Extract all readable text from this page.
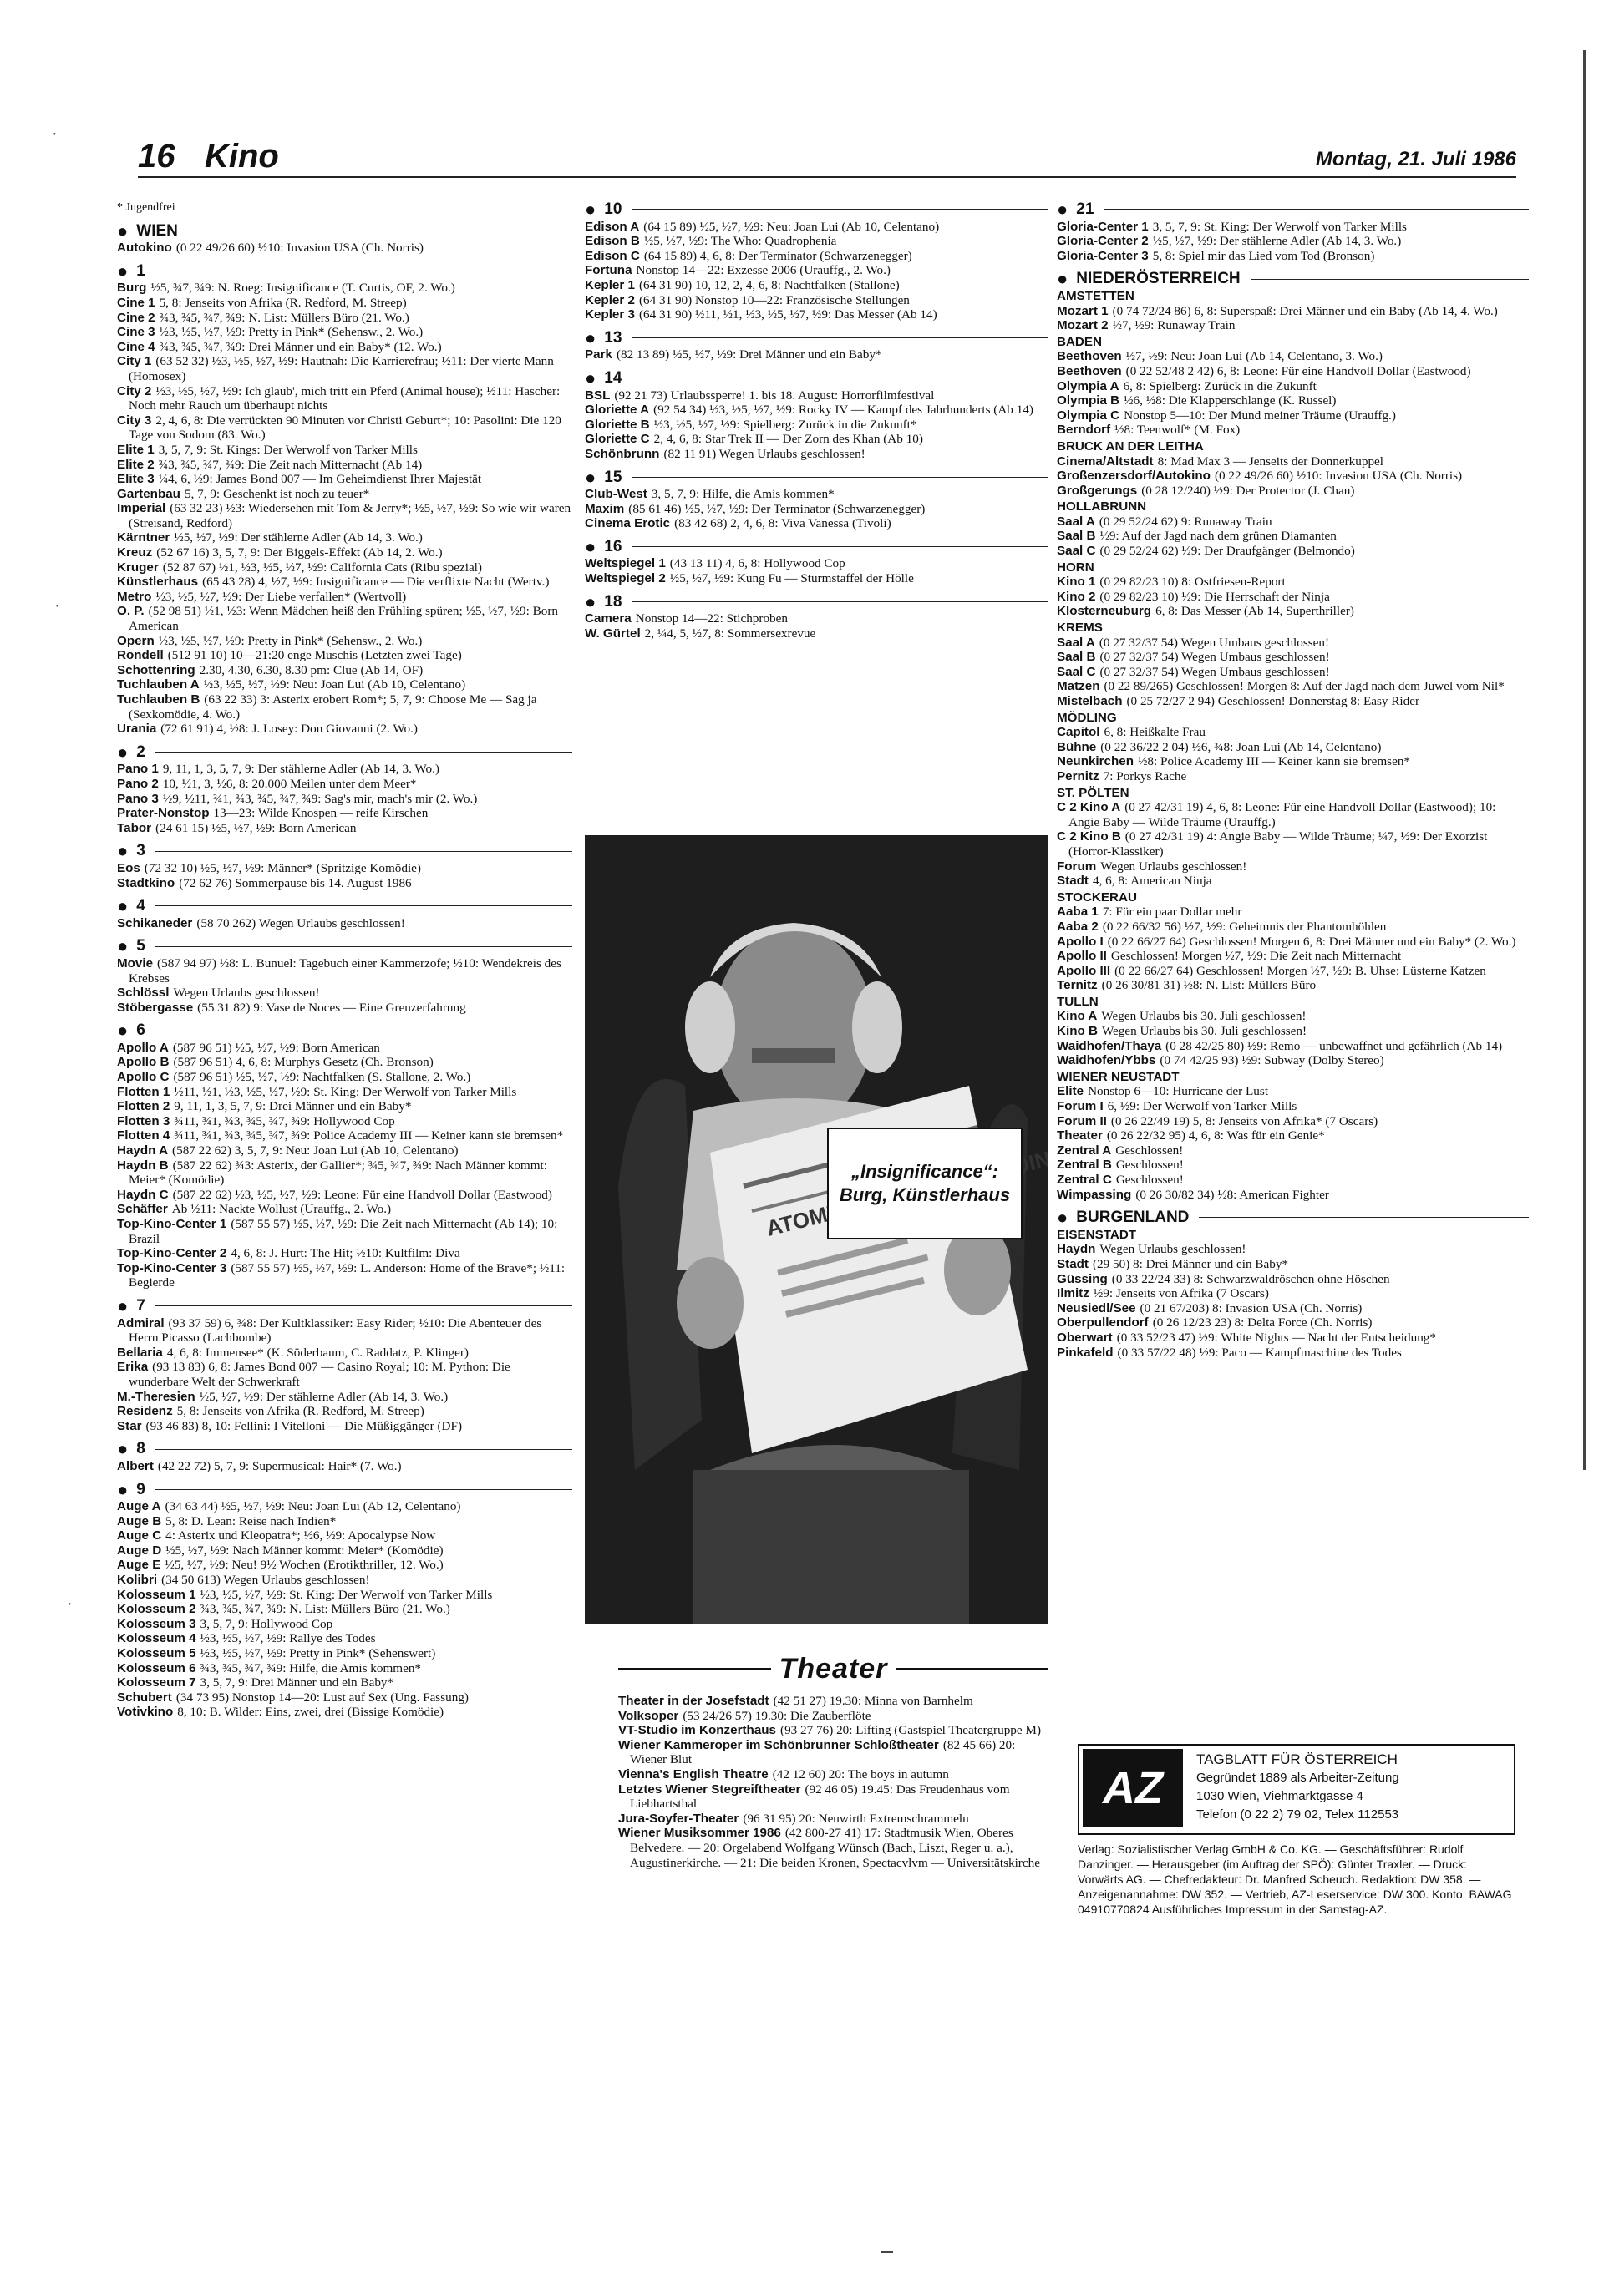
16 Kino	Montag, 21. Juli 1986
* Jugendfrei
● WIEN

Autokino (0 22 49/26 60) ½10: Invasion USA (Ch. Norris)

● 1

Burg ½5, ¾7, ¾9: N. Roeg: Insignificance (T. Curtis, OF, 2. Wo.)

Cine 1 5, 8: Jenseits von Afrika (R. Redford, M. Streep)

Cine 2 ¾3, ¾5, ¾7, ¾9: N. List: Müllers Büro (21. Wo.)

Cine 3 ½3, ½5, ½7, ½9: Pretty in Pink* (Sehensw., 2. Wo.)

Cine 4 ¾3, ¾5, ¾7, ¾9: Drei Männer und ein Baby* (12. Wo.)

City 1 (63 52 32) ½3, ½5, ½7, ½9: Hautnah: Die Karrierefrau; ½11: Der vierte Mann (Homosex)

City 2 ½3, ½5, ½7, ½9: Ich glaub', mich tritt ein Pferd (Animal house); ½11: Hascher: Noch mehr Rauch um überhaupt nichts

City 3 2, 4, 6, 8: Die verrückten 90 Minuten vor Christi Geburt*; 10: Pasolini: Die 120 Tage von Sodom (83. Wo.)

Elite 1 3, 5, 7, 9: St. Kings: Der Werwolf von Tarker Mills

Elite 2 ¾3, ¾5, ¾7, ¾9: Die Zeit nach Mitternacht (Ab 14)

Elite 3 ¼4, 6, ½9: James Bond 007 — Im Geheimdienst Ihrer Majestät

Gartenbau 5, 7, 9: Geschenkt ist noch zu teuer*

Imperial (63 32 23) ½3: Wiedersehen mit Tom & Jerry*; ½5, ½7, ½9: So wie wir waren (Streisand, Redford)

Kärntner ½5, ½7, ½9: Der stählerne Adler (Ab 14, 3. Wo.)

Kreuz (52 67 16) 3, 5, 7, 9: Der Biggels-Effekt (Ab 14, 2. Wo.)

Kruger (52 87 67) ½1, ½3, ½5, ½7, ½9: California Cats (Ribu spezial)

Künstlerhaus (65 43 28) 4, ½7, ½9: Insignificance — Die verflixte Nacht (Wertv.)

Metro ½3, ½5, ½7, ½9: Der Liebe verfallen* (Wertvoll)

O. P. (52 98 51) ½1, ½3: Wenn Mädchen heiß den Frühling spüren; ½5, ½7, ½9: Born American

Opern ½3, ½5, ½7, ½9: Pretty in Pink* (Sehensw., 2. Wo.)

Rondell (512 91 10) 10—21:20 enge Muschis (Letzten zwei Tage)

Schottenring 2.30, 4.30, 6.30, 8.30 pm: Clue (Ab 14, OF)

Tuchlauben A ½3, ½5, ½7, ½9: Neu: Joan Lui (Ab 10, Celentano)

Tuchlauben B (63 22 33) 3: Asterix erobert Rom*; 5, 7, 9: Choose Me — Sag ja (Sexkomödie, 4. Wo.)

Urania (72 61 91) 4, ½8: J. Losey: Don Giovanni (2. Wo.)

● 2

Pano 1 9, 11, 1, 3, 5, 7, 9: Der stählerne Adler (Ab 14, 3. Wo.)

Pano 2 10, ½1, 3, ½6, 8: 20.000 Meilen unter dem Meer*

Pano 3 ½9, ½11, ¾1, ¾3, ¾5, ¾7, ¾9: Sag's mir, mach's mir (2. Wo.)

Prater-Nonstop 13—23: Wilde Knospen — reife Kirschen

Tabor (24 61 15) ½5, ½7, ½9: Born American

● 3

Eos (72 32 10) ½5, ½7, ½9: Männer* (Spritzige Komödie)

Stadtkino (72 62 76) Sommerpause bis 14. August 1986

● 4

Schikaneder (58 70 262) Wegen Urlaubs geschlossen!

● 5

Movie (587 94 97) ½8: L. Bunuel: Tagebuch einer Kammerzofe; ½10: Wendekreis des Krebses

Schlössl Wegen Urlaubs geschlossen!

Stöbergasse (55 31 82) 9: Vase de Noces — Eine Grenzerfahrung

● 6

Apollo A (587 96 51) ½5, ½7, ½9: Born American

Apollo B (587 96 51) 4, 6, 8: Murphys Gesetz (Ch. Bronson)

Apollo C (587 96 51) ½5, ½7, ½9: Nachtfalken (S. Stallone, 2. Wo.)

Flotten 1 ½11, ½1, ½3, ½5, ½7, ½9: St. King: Der Werwolf von Tarker Mills

Flotten 2 9, 11, 1, 3, 5, 7, 9: Drei Männer und ein Baby*

Flotten 3 ¾11, ¾1, ¾3, ¾5, ¾7, ¾9: Hollywood Cop

Flotten 4 ¾11, ¾1, ¾3, ¾5, ¾7, ¾9: Police Academy III — Keiner kann sie bremsen*

Haydn A (587 22 62) 3, 5, 7, 9: Neu: Joan Lui (Ab 10, Celentano)

Haydn B (587 22 62) ¾3: Asterix, der Gallier*; ¾5, ¾7, ¾9: Nach Männer kommt: Meier* (Komödie)

Haydn C (587 22 62) ½3, ½5, ½7, ½9: Leone: Für eine Handvoll Dollar (Eastwood)

Schäffer Ab ½11: Nackte Wollust (Urauffg., 2. Wo.)

Top-Kino-Center 1 (587 55 57) ½5, ½7, ½9: Die Zeit nach Mitternacht (Ab 14); 10: Brazil

Top-Kino-Center 2 4, 6, 8: J. Hurt: The Hit; ½10: Kultfilm: Diva

Top-Kino-Center 3 (587 55 57) ½5, ½7, ½9: L. Anderson: Home of the Brave*; ½11: Begierde

● 7

Admiral (93 37 59) 6, ¾8: Der Kultklassiker: Easy Rider; ½10: Die Abenteuer des Herrn Picasso (Lachbombe)

Bellaria 4, 6, 8: Immensee* (K. Söderbaum, C. Raddatz, P. Klinger)

Erika (93 13 83) 6, 8: James Bond 007 — Casino Royal; 10: M. Python: Die wunderbare Welt der Schwerkraft

M.-Theresien ½5, ½7, ½9: Der stählerne Adler (Ab 14, 3. Wo.)

Residenz 5, 8: Jenseits von Afrika (R. Redford, M. Streep)

Star (93 46 83) 8, 10: Fellini: I Vitelloni — Die Müßiggänger (DF)

● 8

Albert (42 22 72) 5, 7, 9: Supermusical: Hair* (7. Wo.)

● 9

Auge A (34 63 44) ½5, ½7, ½9: Neu: Joan Lui (Ab 12, Celentano)

Auge B 5, 8: D. Lean: Reise nach Indien*

Auge C 4: Asterix und Kleopatra*; ½6, ½9: Apocalypse Now

Auge D ½5, ½7, ½9: Nach Männer kommt: Meier* (Komödie)

Auge E ½5, ½7, ½9: Neu! 9½ Wochen (Erotikthriller, 12. Wo.)

Kolibri (34 50 613) Wegen Urlaubs geschlossen!

Kolosseum 1 ½3, ½5, ½7, ½9: St. King: Der Werwolf von Tarker Mills

Kolosseum 2 ¾3, ¾5, ¾7, ¾9: N. List: Müllers Büro (21. Wo.)

Kolosseum 3 3, 5, 7, 9: Hollywood Cop

Kolosseum 4 ½3, ½5, ½7, ½9: Rallye des Todes

Kolosseum 5 ½3, ½5, ½7, ½9: Pretty in Pink* (Sehenswert)

Kolosseum 6 ¾3, ¾5, ¾7, ¾9: Hilfe, die Amis kommen*

Kolosseum 7 3, 5, 7, 9: Drei Männer und ein Baby*

Schubert (34 73 95) Nonstop 14—20: Lust auf Sex (Ung. Fassung)

Votivkino 8, 10: B. Wilder: Eins, zwei, drei (Bissige Komödie)

● 10

Edison A (64 15 89) ½5, ½7, ½9: Neu: Joan Lui (Ab 10, Celentano)

Edison B ½5, ½7, ½9: The Who: Quadrophenia

Edison C (64 15 89) 4, 6, 8: Der Terminator (Schwarzenegger)

Fortuna Nonstop 14—22: Exzesse 2006 (Urauffg., 2. Wo.)

Kepler 1 (64 31 90) 10, 12, 2, 4, 6, 8: Nachtfalken (Stallone)

Kepler 2 (64 31 90) Nonstop 10—22: Französische Stellungen

Kepler 3 (64 31 90) ½11, ½1, ½3, ½5, ½7, ½9: Das Messer (Ab 14)

● 13

Park (82 13 89) ½5, ½7, ½9: Drei Männer und ein Baby*

● 14

BSL (92 21 73) Urlaubssperre! 1. bis 18. August: Horrorfilmfestival

Gloriette A (92 54 34) ½3, ½5, ½7, ½9: Rocky IV — Kampf des Jahrhunderts (Ab 14)

Gloriette B ½3, ½5, ½7, ½9: Spielberg: Zurück in die Zukunft*

Gloriette C 2, 4, 6, 8: Star Trek II — Der Zorn des Khan (Ab 10)

Schönbrunn (82 11 91) Wegen Urlaubs geschlossen!

● 15

Club-West 3, 5, 7, 9: Hilfe, die Amis kommen*

Maxim (85 61 46) ½5, ½7, ½9: Der Terminator (Schwarzenegger)

Cinema Erotic (83 42 68) 2, 4, 6, 8: Viva Vanessa (Tivoli)

● 16

Weltspiegel 1 (43 13 11) 4, 6, 8: Hollywood Cop

Weltspiegel 2 ½5, ½7, ½9: Kung Fu — Sturmstaffel der Hölle

● 18

Camera Nonstop 14—22: Stichproben

W. Gürtel 2, ¼4, 5, ½7, 8: Sommersexrevue

● 21

Gloria-Center 1 3, 5, 7, 9: St. King: Der Werwolf von Tarker Mills

Gloria-Center 2 ½5, ½7, ½9: Der stählerne Adler (Ab 14, 3. Wo.)

Gloria-Center 3 5, 8: Spiel mir das Lied vom Tod (Bronson)

● NIEDERÖSTERREICH
AMSTETTEN

Mozart 1 (0 74 72/24 86) 6, 8: Superspaß: Drei Männer und ein Baby (Ab 14, 4. Wo.)

Mozart 2 ½7, ½9: Runaway Train

BADEN

Beethoven ½7, ½9: Neu: Joan Lui (Ab 14, Celentano, 3. Wo.)

Beethoven (0 22 52/48 2 42) 6, 8: Leone: Für eine Handvoll Dollar (Eastwood)

Olympia A 6, 8: Spielberg: Zurück in die Zukunft

Olympia B ½6, ½8: Die Klapperschlange (K. Russel)

Olympia C Nonstop 5—10: Der Mund meiner Träume (Urauffg.)

Berndorf ½8: Teenwolf* (M. Fox)

BRUCK AN DER LEITHA

Cinema/Altstadt 8: Mad Max 3 — Jenseits der Donnerkuppel

Großenzersdorf/Autokino (0 22 49/26 60) ½10: Invasion USA (Ch. Norris)

Großgerungs (0 28 12/240) ½9: Der Protector (J. Chan)

HOLLABRUNN

Saal A (0 29 52/24 62) 9: Runaway Train

Saal B ½9: Auf der Jagd nach dem grünen Diamanten

Saal C (0 29 52/24 62) ½9: Der Draufgänger (Belmondo)

HORN

Kino 1 (0 29 82/23 10) 8: Ostfriesen-Report

Kino 2 (0 29 82/23 10) ½9: Die Herrschaft der Ninja

Klosterneuburg 6, 8: Das Messer (Ab 14, Superthriller)

KREMS

Saal A (0 27 32/37 54) Wegen Umbaus geschlossen!

Saal B (0 27 32/37 54) Wegen Umbaus geschlossen!

Saal C (0 27 32/37 54) Wegen Umbaus geschlossen!

Matzen (0 22 89/265) Geschlossen! Morgen 8: Auf der Jagd nach dem Juwel vom Nil*

Mistelbach (0 25 72/27 2 94) Geschlossen! Donnerstag 8: Easy Rider

MÖDLING

Capitol 6, 8: Heißkalte Frau

Bühne (0 22 36/22 2 04) ½6, ¾8: Joan Lui (Ab 14, Celentano)

Neunkirchen ½8: Police Academy III — Keiner kann sie bremsen*

Pernitz 7: Porkys Rache

ST. PÖLTEN

C 2 Kino A (0 27 42/31 19) 4, 6, 8: Leone: Für eine Handvoll Dollar (Eastwood); 10: Angie Baby — Wilde Träume (Urauffg.)

C 2 Kino B (0 27 42/31 19) 4: Angie Baby — Wilde Träume; ¼7, ½9: Der Exorzist (Horror-Klassiker)

Forum Wegen Urlaubs geschlossen!

Stadt 4, 6, 8: American Ninja

STOCKERAU

Aaba 1 7: Für ein paar Dollar mehr

Aaba 2 (0 22 66/32 56) ½7, ½9: Geheimnis der Phantomhöhlen

Apollo I (0 22 66/27 64) Geschlossen! Morgen 6, 8: Drei Männer und ein Baby* (2. Wo.)

Apollo II Geschlossen! Morgen ½7, ½9: Die Zeit nach Mitternacht

Apollo III (0 22 66/27 64) Geschlossen! Morgen ½7, ½9: B. Uhse: Lüsterne Katzen

Ternitz (0 26 30/81 31) ½8: N. List: Müllers Büro

TULLN

Kino A Wegen Urlaubs bis 30. Juli geschlossen!

Kino B Wegen Urlaubs bis 30. Juli geschlossen!

Waidhofen/Thaya (0 28 42/25 80) ½9: Remo — unbewaffnet und gefährlich (Ab 14)

Waidhofen/Ybbs (0 74 42/25 93) ½9: Subway (Dolby Stereo)

WIENER NEUSTADT

Elite Nonstop 6—10: Hurricane der Lust

Forum I 6, ½9: Der Werwolf von Tarker Mills

Forum II (0 26 22/49 19) 5, 8: Jenseits von Afrika* (7 Oscars)

Theater (0 26 22/32 95) 4, 6, 8: Was für ein Genie*

Zentral A Geschlossen!

Zentral B Geschlossen!

Zentral C Geschlossen!

Wimpassing (0 26 30/82 34) ½8: American Fighter

● BURGENLAND
EISENSTADT

Haydn Wegen Urlaubs geschlossen!

Stadt (29 50) 8: Drei Männer und ein Baby*

Güssing (0 33 22/24 33) 8: Schwarzwaldröschen ohne Höschen

Ilmitz ½9: Jenseits von Afrika (7 Oscars)

Neusiedl/See (0 21 67/203) 8: Invasion USA (Ch. Norris)

Oberpullendorf (0 26 12/23 23) 8: Delta Force (Ch. Norris)

Oberwart (0 33 52/23 47) ½9: White Nights — Nacht der Entscheidung*

Pinkafeld (0 33 57/22 48) ½9: Paco — Kampfmaschine des Todes

ATOMIC
„Insignificance“:
Burg, Künstlerhaus
Theater

Theater in der Josefstadt (42 51 27) 19.30: Minna von Barnhelm

Volksoper (53 24/26 57) 19.30: Die Zauberflöte

VT-Studio im Konzerthaus (93 27 76) 20: Lifting (Gastspiel Theatergruppe M)

Wiener Kammeroper im Schönbrunner Schloßtheater (82 45 66) 20: Wiener Blut

Vienna's English Theatre (42 12 60) 20: The boys in autumn

Letztes Wiener Stegreiftheater (92 46 05) 19.45: Das Freudenhaus vom Liebhartsthal

Jura-Soyfer-Theater (96 31 95) 20: Neuwirth Extremschrammeln

Wiener Musiksommer 1986 (42 800-27 41) 17: Stadtmusik Wien, Oberes Belvedere. — 20: Orgelabend Wolfgang Wünsch (Bach, Liszt, Reger u. a.), Augustinerkirche. — 21: Die beiden Kronen, Spectacvlvm — Universitätskirche

AZ
TAGBLATT FÜR ÖSTERREICH
Gegründet 1889 als Arbeiter-Zeitung
1030 Wien, Viehmarktgasse 4
Telefon (0 22 2) 79 02, Telex 112553
Verlag: Sozialistischer Verlag GmbH & Co. KG. — Geschäftsführer: Rudolf Danzinger. — Herausgeber (im Auftrag der SPÖ): Günter Traxler. — Druck: Vorwärts AG. — Chefredakteur: Dr. Manfred Scheuch. Redaktion: DW 358. — Anzeigenannahme: DW 352. — Vertrieb, AZ-Leserservice: DW 300. Konto: BAWAG 04910770824 Ausführliches Impressum in der Samstag-AZ.
·
·
·
